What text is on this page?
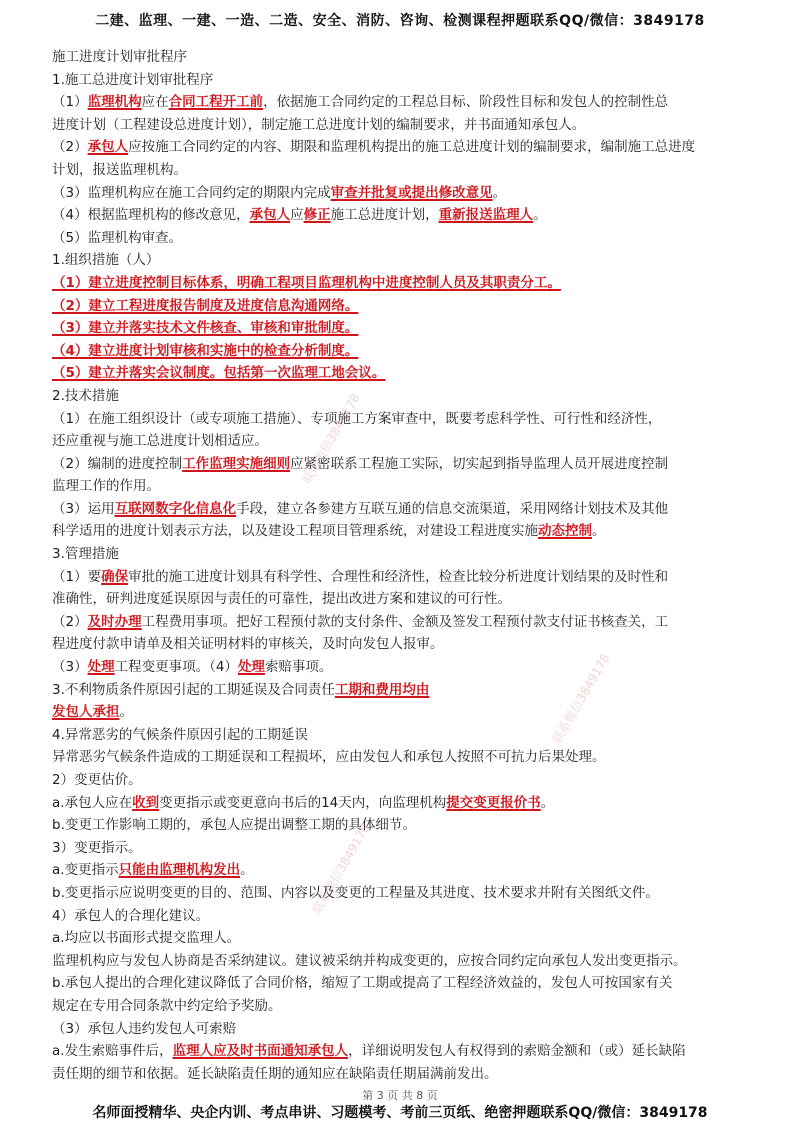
二建、监理、一建、一造、二造、安全、消防、咨询、检测课程押题联系QQ/微信：3849178
施工进度计划审批程序
1.施工总进度计划审批程序
（1）监理机构应在合同工程开工前，依据施工合同约定的工程总目标、阶段性目标和发包人的控制性总
进度计划（工程建设总进度计划），制定施工总进度计划的编制要求，并书面通知承包人。
（2）承包人应按施工合同约定的内容、期限和监理机构提出的施工总进度计划的编制要求，编制施工总进度
计划，报送监理机构。
（3）监理机构应在施工合同约定的期限内完成审查并批复或提出修改意见。
（4）根据监理机构的修改意见，承包人应修正施工总进度计划，重新报送监理人。
（5）监理机构审查。
1.组织措施（人）
（1）建立进度控制目标体系，明确工程项目监理机构中进度控制人员及其职责分工。
（2）建立工程进度报告制度及进度信息沟通网络。
（3）建立并落实技术文件核查、审核和审批制度。
（4）建立进度计划审核和实施中的检查分析制度。
（5）建立并落实会议制度。包括第一次监理工地会议。
2.技术措施
（1）在施工组织设计（或专项施工措施）、专项施工方案审查中，既要考虑科学性、可行性和经济性，
还应重视与施工总进度计划相适应。
（2）编制的进度控制工作监理实施细则应紧密联系工程施工实际，切实起到指导监理人员开展进度控制
监理工作的作用。
（3）运用互联网数字化信息化手段，建立各参建方互联互通的信息交流渠道，采用网络计划技术及其他
科学适用的进度计划表示方法，以及建设工程项目管理系统，对建设工程进度实施动态控制。
3.管理措施
（1）要确保审批的施工进度计划具有科学性、合理性和经济性，检查比较分析进度计划结果的及时性和
准确性，研判进度延误原因与责任的可靠性，提出改进方案和建议的可行性。
（2）及时办理工程费用事项。把好工程预付款的支付条件、金额及签发工程预付款支付证书核查关，工
程进度付款申请单及相关证明材料的审核关，及时向发包人报审。
（3）处理工程变更事项。（4）处理索赔事项。
3.不利物质条件原因引起的工期延误及合同责任工期和费用均由
发包人承担。
4.异常恶劣的气候条件原因引起的工期延误
异常恶劣气候条件造成的工期延误和工程损坏，应由发包人和承包人按照不可抗力后果处理。
2）变更估价。
a.承包人应在收到变更指示或变更意向书后的14天内，向监理机构提交变更报价书。
b.变更工作影响工期的，承包人应提出调整工期的具体细节。
3）变更指示。
a.变更指示只能由监理机构发出。
b.变更指示应说明变更的目的、范围、内容以及变更的工程量及其进度、技术要求并附有关图纸文件。
4）承包人的合理化建议。
a.均应以书面形式提交监理人。
监理机构应与发包人协商是否采纳建议。建议被采纳并构成变更的，应按合同约定向承包人发出变更指示。
b.承包人提出的合理化建议降低了合同价格，缩短了工期或提高了工程经济效益的，发包人可按国家有关
规定在专用合同条款中约定给予奖励。
（3）承包人违约发包人可索赔
a.发生索赔事件后，监理人应及时书面通知承包人，详细说明发包人有权得到的索赔金额和（或）延长缺陷
责任期的细节和依据。延长缺陷责任期的通知应在缺陷责任期届满前发出。
联系微信3849178
联系微信3849178
联系微信3849178
第 3 页 共 8 页
名师面授精华、央企内训、考点串讲、习题模考、考前三页纸、绝密押题联系QQ/微信：3849178
